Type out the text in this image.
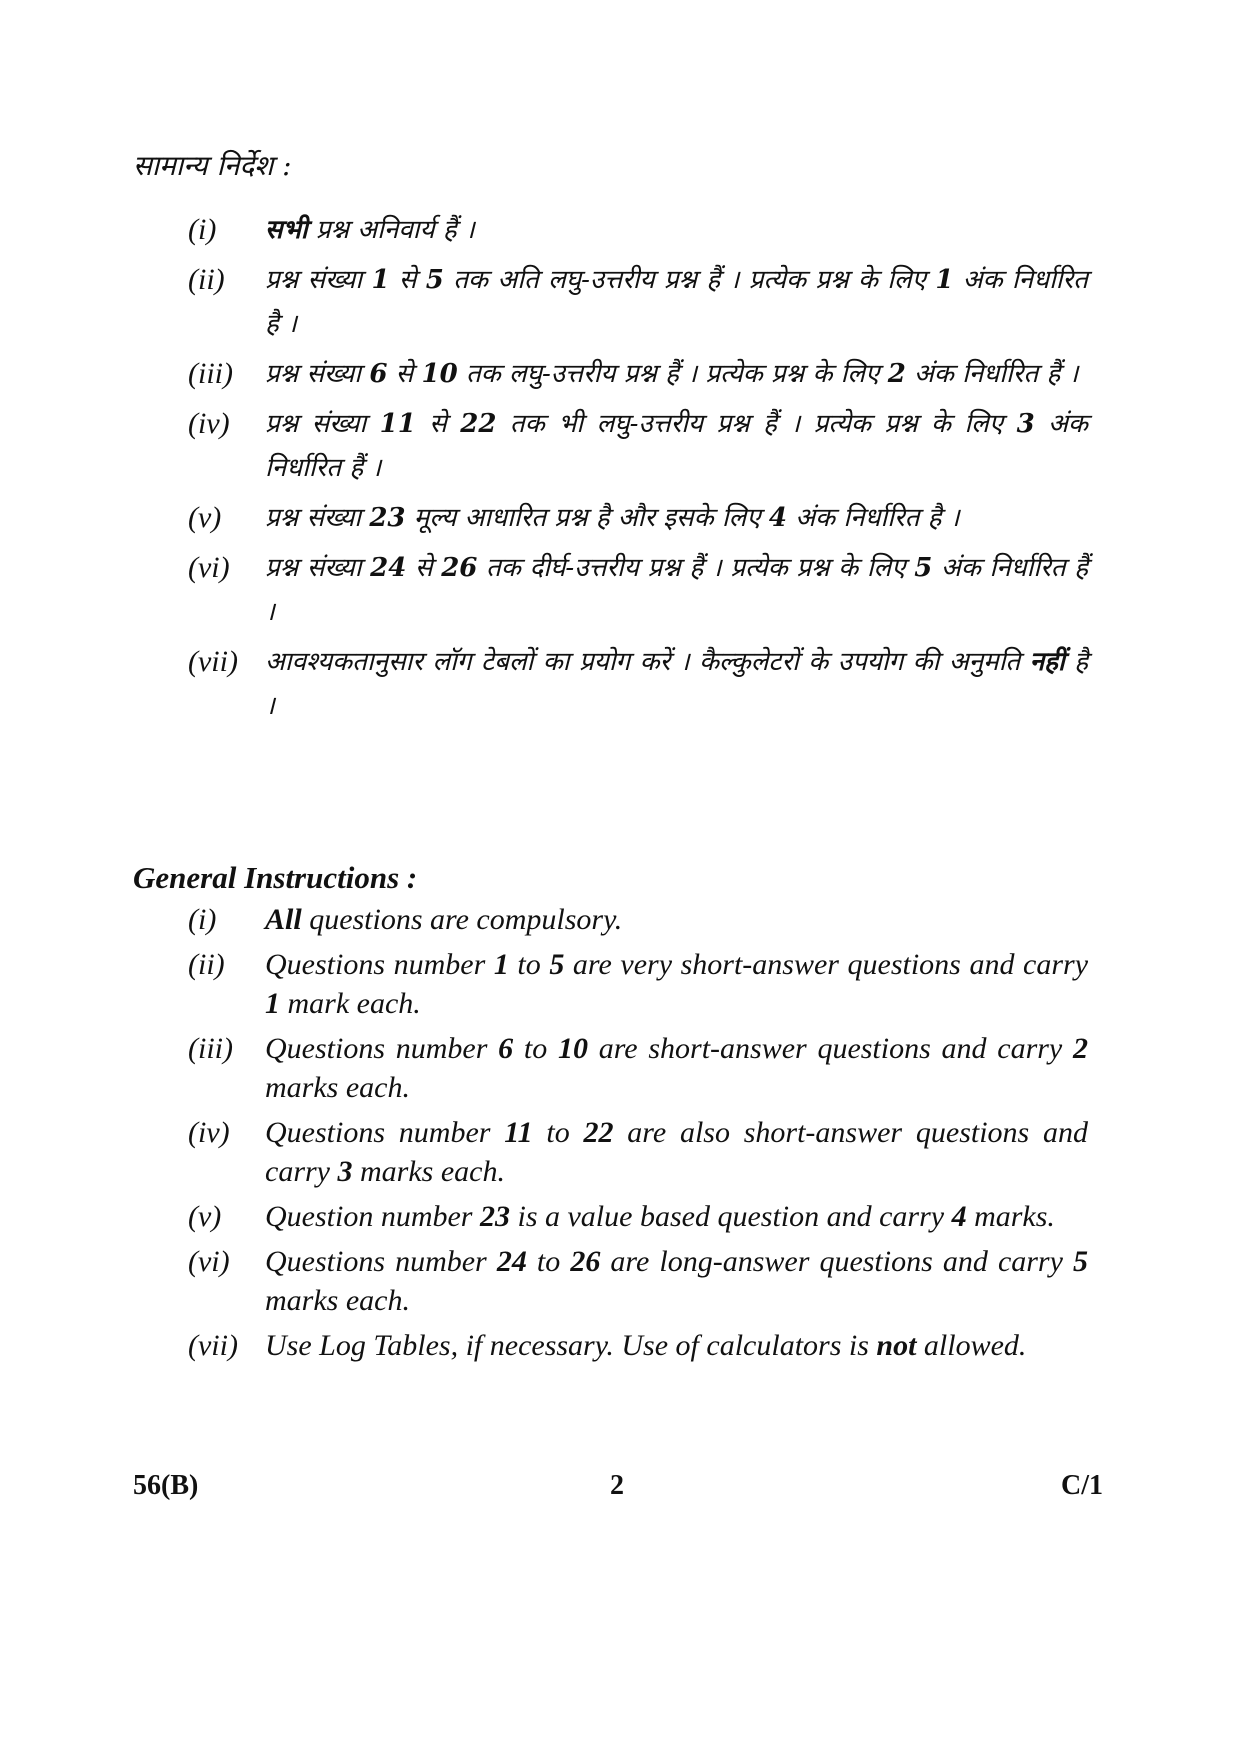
सामान्य निर्देश :
(i)	सभी प्रश्न अनिवार्य हैं ।
(ii)	प्रश्न संख्या 1 से 5 तक अति लघु-उत्तरीय प्रश्न हैं । प्रत्येक प्रश्न के लिए 1 अंक निर्धारित है ।
(iii)	प्रश्न संख्या 6 से 10 तक लघु-उत्तरीय प्रश्न हैं । प्रत्येक प्रश्न के लिए 2 अंक निर्धारित हैं ।
(iv)	प्रश्न संख्या 11 से 22 तक भी लघु-उत्तरीय प्रश्न हैं । प्रत्येक प्रश्न के लिए 3 अंक निर्धारित हैं ।
(v)	प्रश्न संख्या 23 मूल्य आधारित प्रश्न है और इसके लिए 4 अंक निर्धारित है ।
(vi)	प्रश्न संख्या 24 से 26 तक दीर्घ-उत्तरीय प्रश्न हैं । प्रत्येक प्रश्न के लिए 5 अंक निर्धारित हैं ।
(vii)	आवश्यकतानुसार लॉग टेबलों का प्रयोग करें । कैल्कुलेटरों के उपयोग की अनुमति नहीं है ।
General Instructions :
(i)	All questions are compulsory.
(ii)	Questions number 1 to 5 are very short-answer questions and carry 1 mark each.
(iii)	Questions number 6 to 10 are short-answer questions and carry 2 marks each.
(iv)	Questions number 11 to 22 are also short-answer questions and carry 3 marks each.
(v)	Question number 23 is a value based question and carry 4 marks.
(vi)	Questions number 24 to 26 are long-answer questions and carry 5 marks each.
(vii) Use Log Tables, if necessary. Use of calculators is not allowed.
56(B)	2	C/1
